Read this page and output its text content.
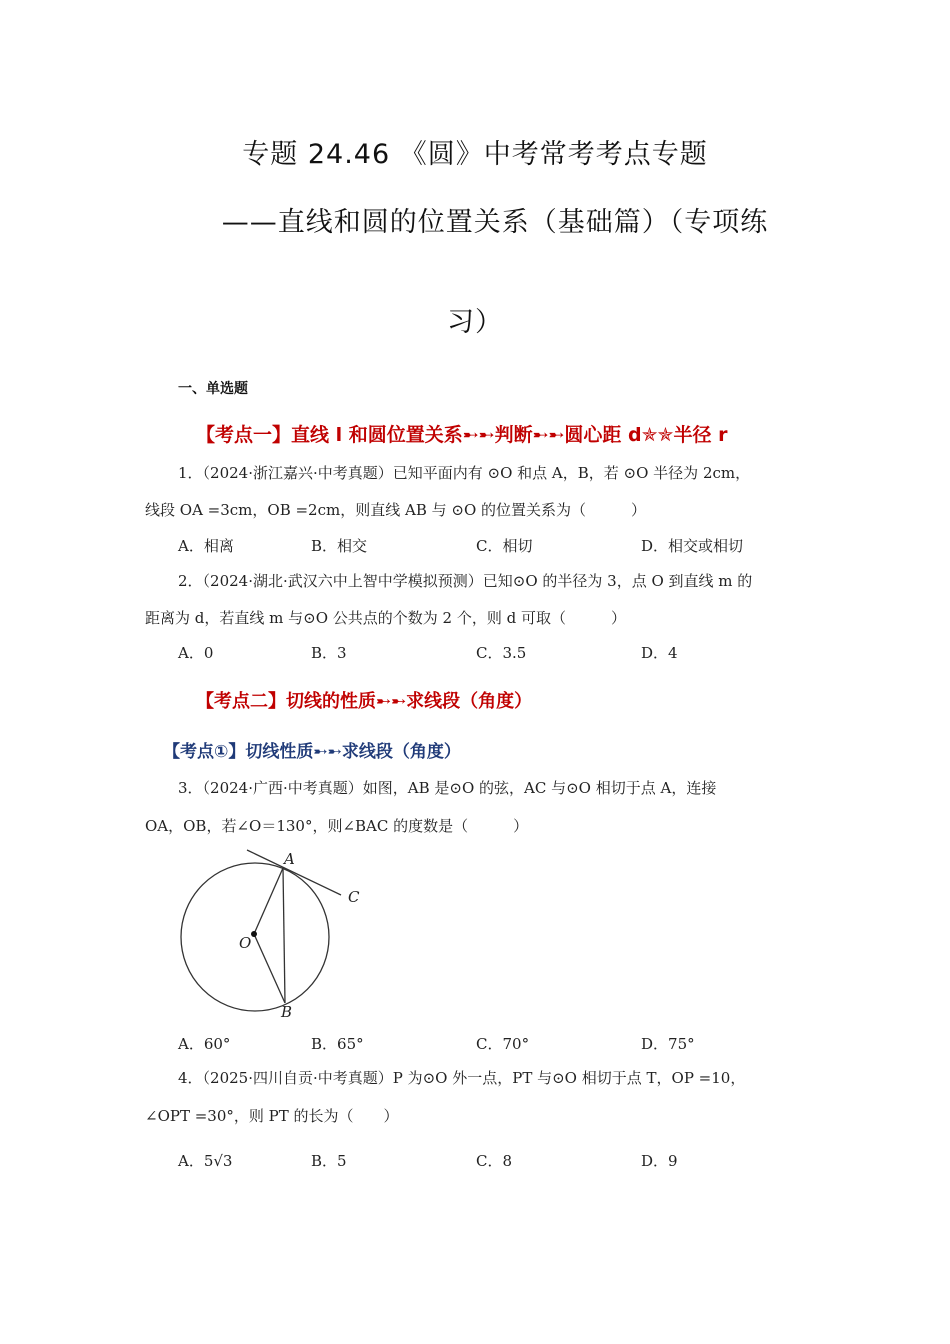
专题 24.46 《圆》中考常考考点专题
——直线和圆的位置关系（基础篇）（专项练
习）
一、单选题
【考点一】直线 l 和圆位置关系➸➸判断➸➸圆心距 d✯✯半径 r
1．（2024·浙江嘉兴·中考真题）已知平面内有 ⊙O 和点 A，B，若 ⊙O 半径为 2cm，
线段 OA =3cm，OB =2cm，则直线 AB 与 ⊙O 的位置关系为（　　　）
A．相离	B．相交	C．相切	D．相交或相切
2．（2024·湖北·武汉六中上智中学模拟预测）已知⊙O 的半径为 3，点 O 到直线 m 的
距离为 d，若直线 m 与⊙O 公共点的个数为 2 个，则 d 可取（　　　）
A．0	B．3	C．3.5	D．4
【考点二】切线的性质➸➸求线段（角度）
【考点①】切线性质➸➸求线段（角度）
3．（2024·广西·中考真题）如图，AB 是⊙O 的弦，AC 与⊙O 相切于点 A，连接
OA，OB，若∠O＝130°，则∠BAC 的度数是（　　　）
A
C
O
B
A．60°	B．65°	C．70°	D．75°
4．（2025·四川自贡·中考真题）P 为⊙O 外一点，PT 与⊙O 相切于点 T，OP =10，
∠OPT =30°，则 PT 的长为（　　）
A．5√3	B．5	C．8	D．9
